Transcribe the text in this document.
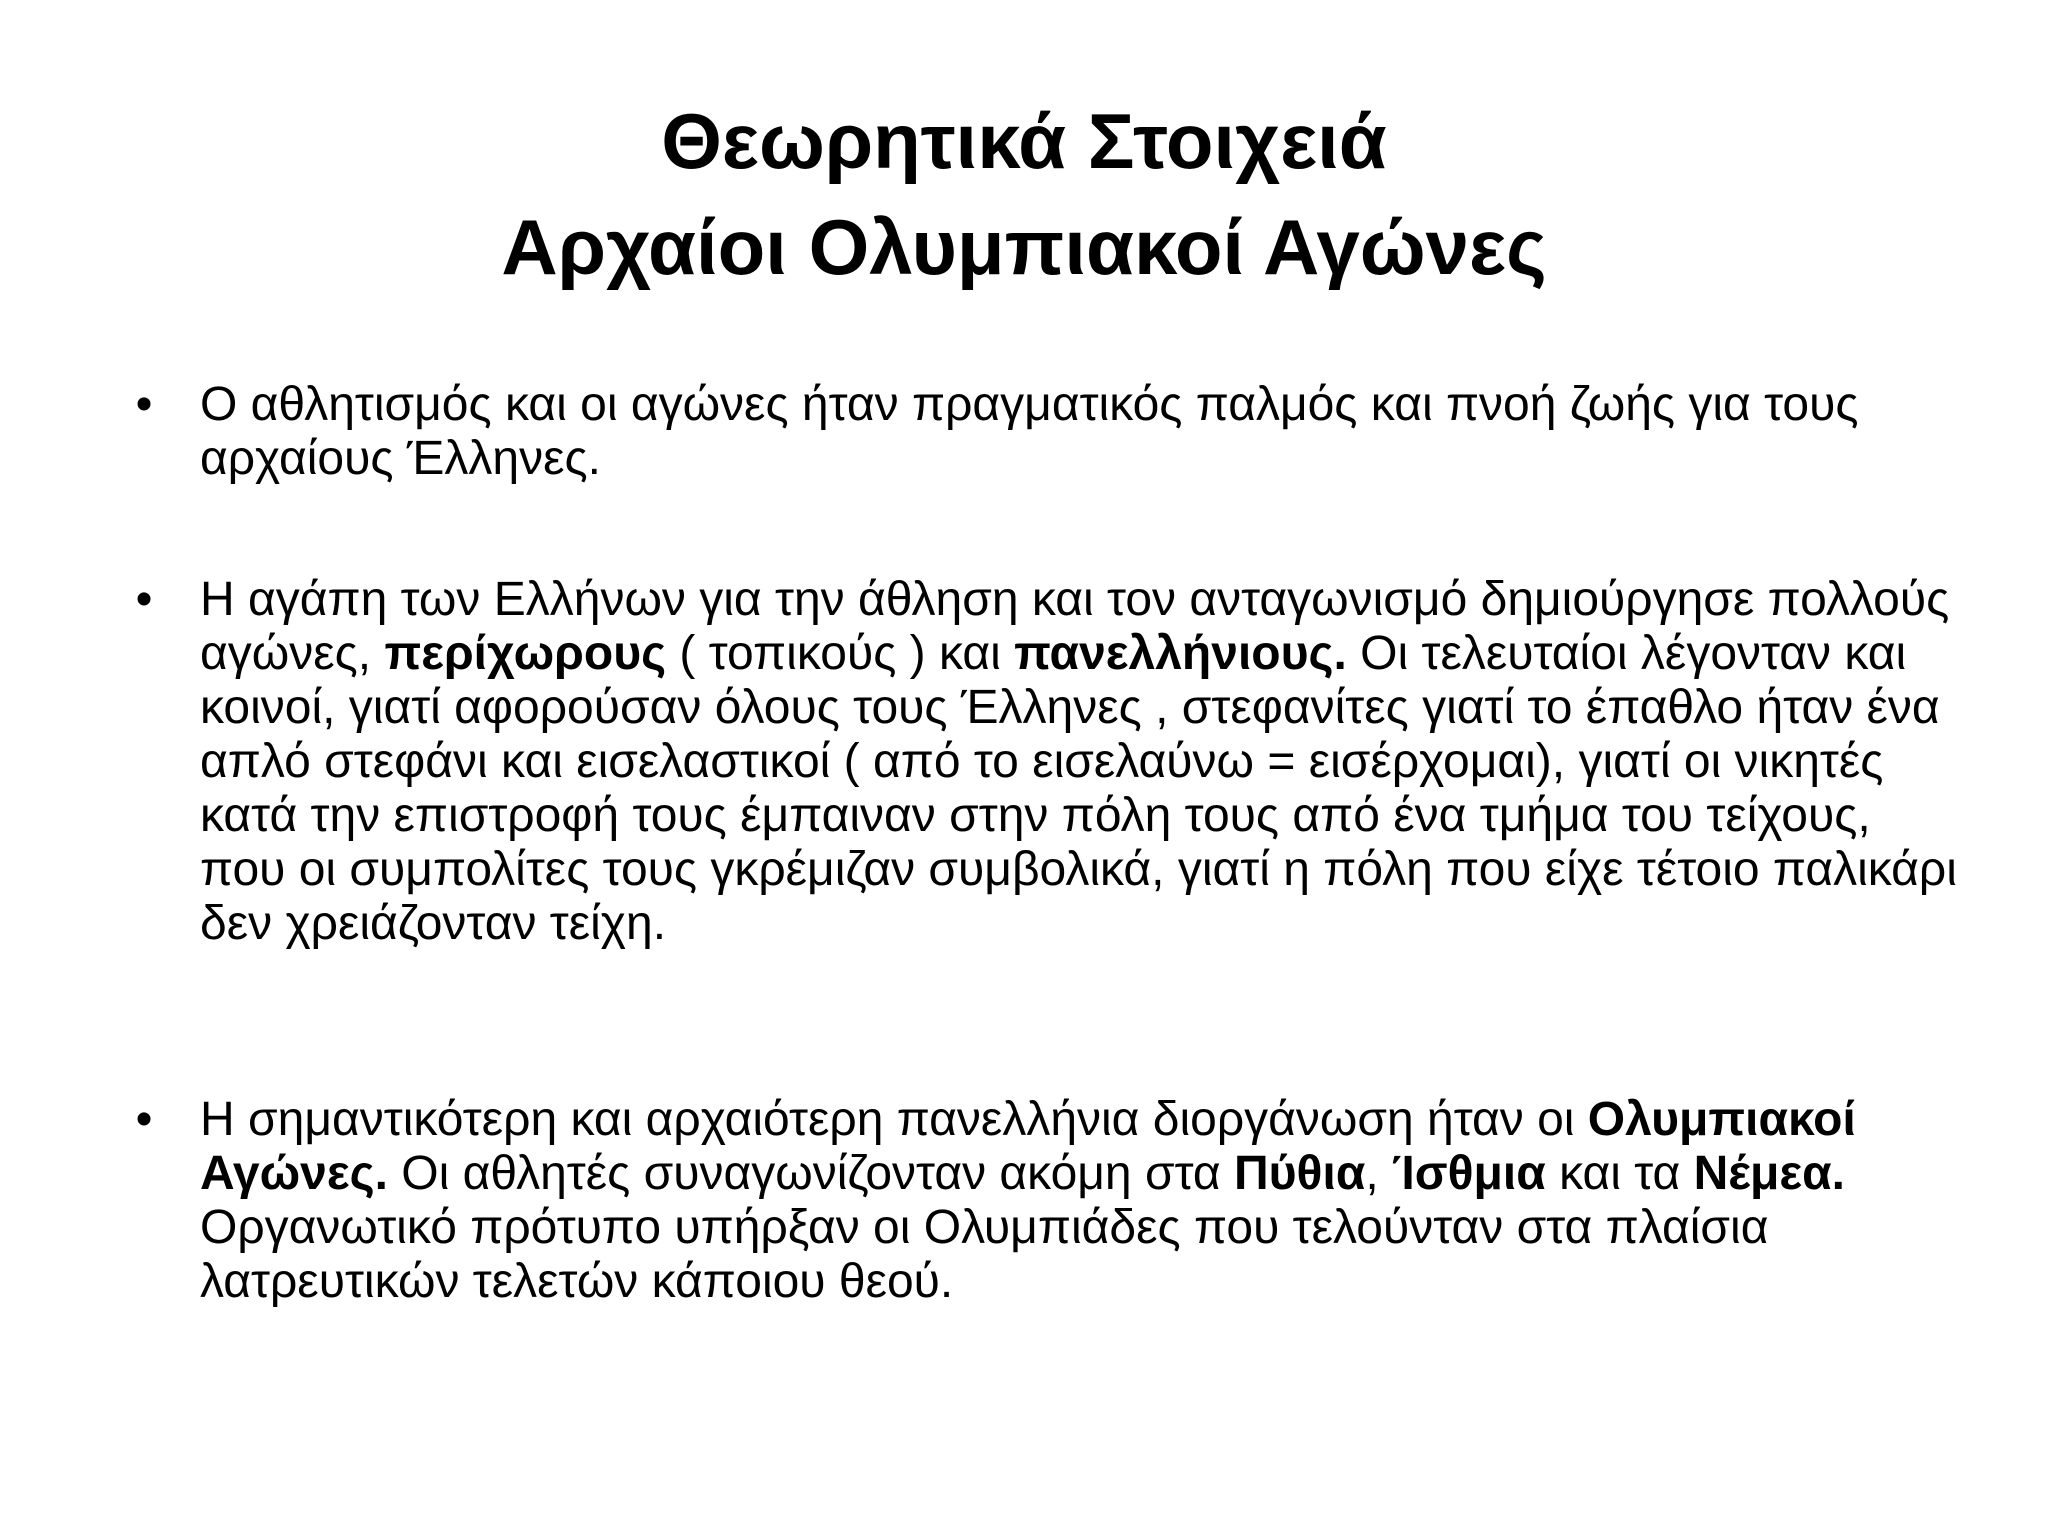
Θεωρητικά Στοιχειά
Αρχαίοι Ολυμπιακοί Αγώνες
• Ο αθλητισμός και οι αγώνες ήταν πραγματικός παλμός και πνοή ζωής για τους αρχαίους Έλληνες.
• Η αγάπη των Ελλήνων για την άθληση και τον ανταγωνισμό δημιούργησε πολλούς αγώνες, περίχωρους ( τοπικούς ) και πανελλήνιους. Οι τελευταίοι λέγονταν και κοινοί, γιατί αφορούσαν όλους τους Έλληνες , στεφανίτες γιατί το έπαθλο ήταν ένα απλό στεφάνι και εισελαστικοί ( από το εισελαύνω = εισέρχομαι), γιατί οι νικητές κατά την επιστροφή τους έμπαιναν στην πόλη τους από ένα τμήμα του τείχους, που οι συμπολίτες τους γκρέμιζαν συμβολικά, γιατί η πόλη που είχε τέτοιο παλικάρι δεν χρειάζονταν τείχη.
• Η σημαντικότερη και αρχαιότερη πανελλήνια διοργάνωση ήταν οι Ολυμπιακοί Αγώνες. Οι αθλητές συναγωνίζονταν ακόμη στα Πύθια, Ίσθμια και τα Νέμεα. Οργανωτικό πρότυπο υπήρξαν οι Ολυμπιάδες που τελούνταν στα πλαίσια λατρευτικών τελετών κάποιου θεού.
